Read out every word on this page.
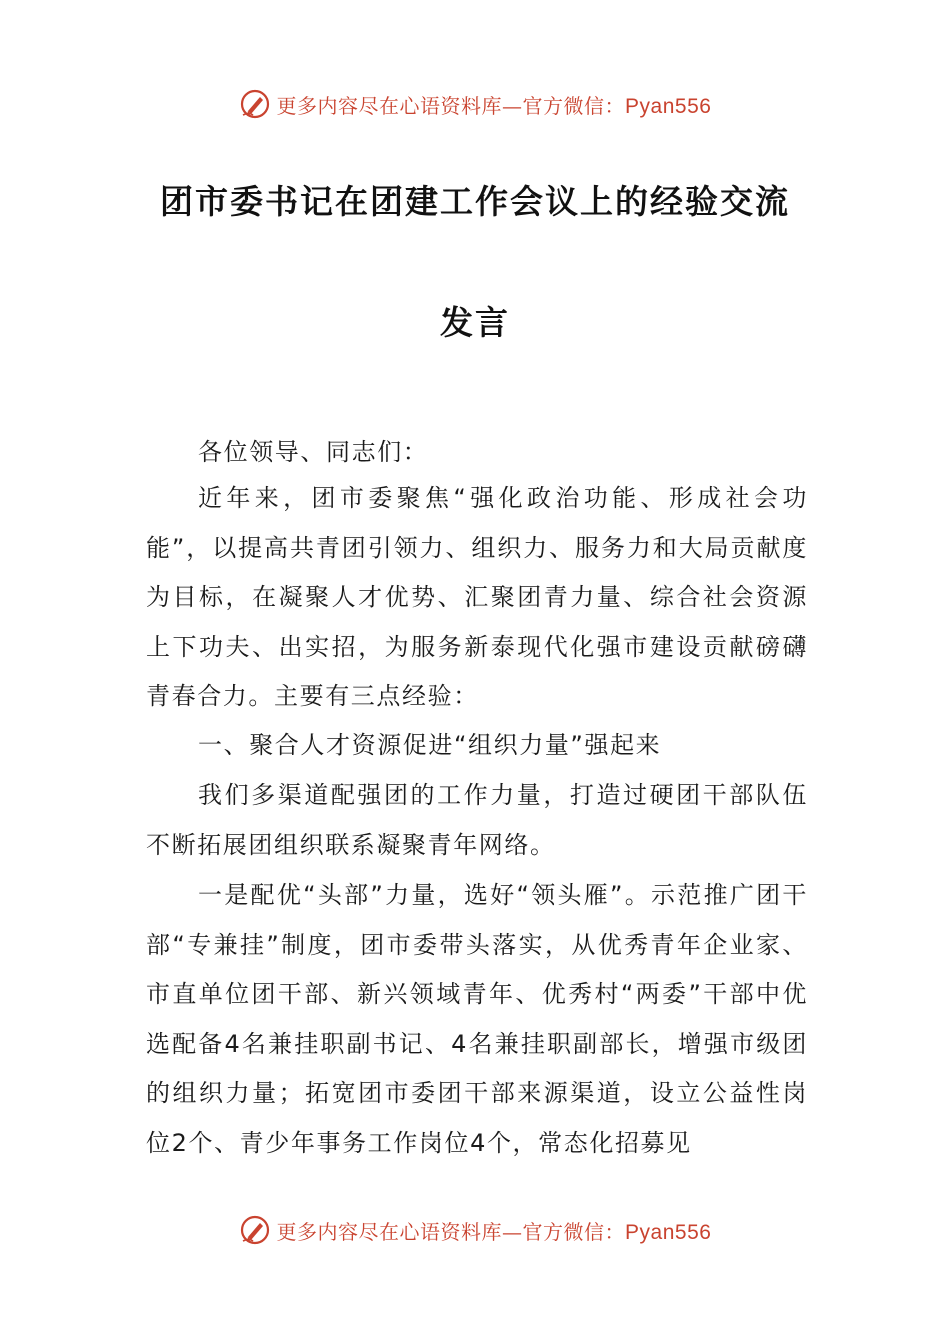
更多内容尽在心语资料库—官方微信：Pyan556
团市委书记在团建工作会议上的经验交流
发言

各位领导、同志们：

近年来，团市委聚焦“强化政治功能、形成社会功能”，以提高共青团引领力、组织力、服务力和大局贡献度为目标，在凝聚人才优势、汇聚团青力量、综合社会资源上下功夫、出实招，为服务新泰现代化强市建设贡献磅礴青春合力。主要有三点经验：

一、聚合人才资源促进“组织力量”强起来

我们多渠道配强团的工作力量，打造过硬团干部队伍不断拓展团组织联系凝聚青年网络。

一是配优“头部”力量，选好“领头雁”。示范推广团干部“专兼挂”制度，团市委带头落实，从优秀青年企业家、市直单位团干部、新兴领域青年、优秀村“两委”干部中优选配备4名兼挂职副书记、4名兼挂职副部长，增强市级团的组织力量；拓宽团市委团干部来源渠道，设立公益性岗位2个、青少年事务工作岗位4个，常态化招募见

更多内容尽在心语资料库—官方微信：Pyan556
